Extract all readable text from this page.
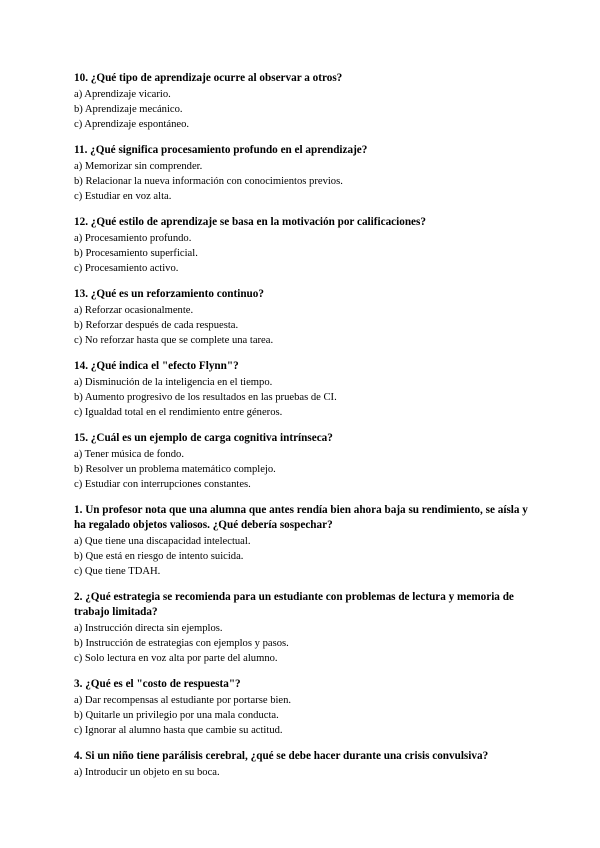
10. ¿Qué tipo de aprendizaje ocurre al observar a otros?
a) Aprendizaje vicario.
b) Aprendizaje mecánico.
c) Aprendizaje espontáneo.
11. ¿Qué significa procesamiento profundo en el aprendizaje?
a) Memorizar sin comprender.
b) Relacionar la nueva información con conocimientos previos.
c) Estudiar en voz alta.
12. ¿Qué estilo de aprendizaje se basa en la motivación por calificaciones?
a) Procesamiento profundo.
b) Procesamiento superficial.
c) Procesamiento activo.
13. ¿Qué es un reforzamiento continuo?
a) Reforzar ocasionalmente.
b) Reforzar después de cada respuesta.
c) No reforzar hasta que se complete una tarea.
14. ¿Qué indica el "efecto Flynn"?
a) Disminución de la inteligencia en el tiempo.
b) Aumento progresivo de los resultados en las pruebas de CI.
c) Igualdad total en el rendimiento entre géneros.
15. ¿Cuál es un ejemplo de carga cognitiva intrínseca?
a) Tener música de fondo.
b) Resolver un problema matemático complejo.
c) Estudiar con interrupciones constantes.
1. Un profesor nota que una alumna que antes rendía bien ahora baja su rendimiento, se aísla y ha regalado objetos valiosos. ¿Qué debería sospechar?
a) Que tiene una discapacidad intelectual.
b) Que está en riesgo de intento suicida.
c) Que tiene TDAH.
2. ¿Qué estrategia se recomienda para un estudiante con problemas de lectura y memoria de trabajo limitada?
a) Instrucción directa sin ejemplos.
b) Instrucción de estrategias con ejemplos y pasos.
c) Solo lectura en voz alta por parte del alumno.
3. ¿Qué es el "costo de respuesta"?
a) Dar recompensas al estudiante por portarse bien.
b) Quitarle un privilegio por una mala conducta.
c) Ignorar al alumno hasta que cambie su actitud.
4. Si un niño tiene parálisis cerebral, ¿qué se debe hacer durante una crisis convulsiva?
a) Introducir un objeto en su boca.
